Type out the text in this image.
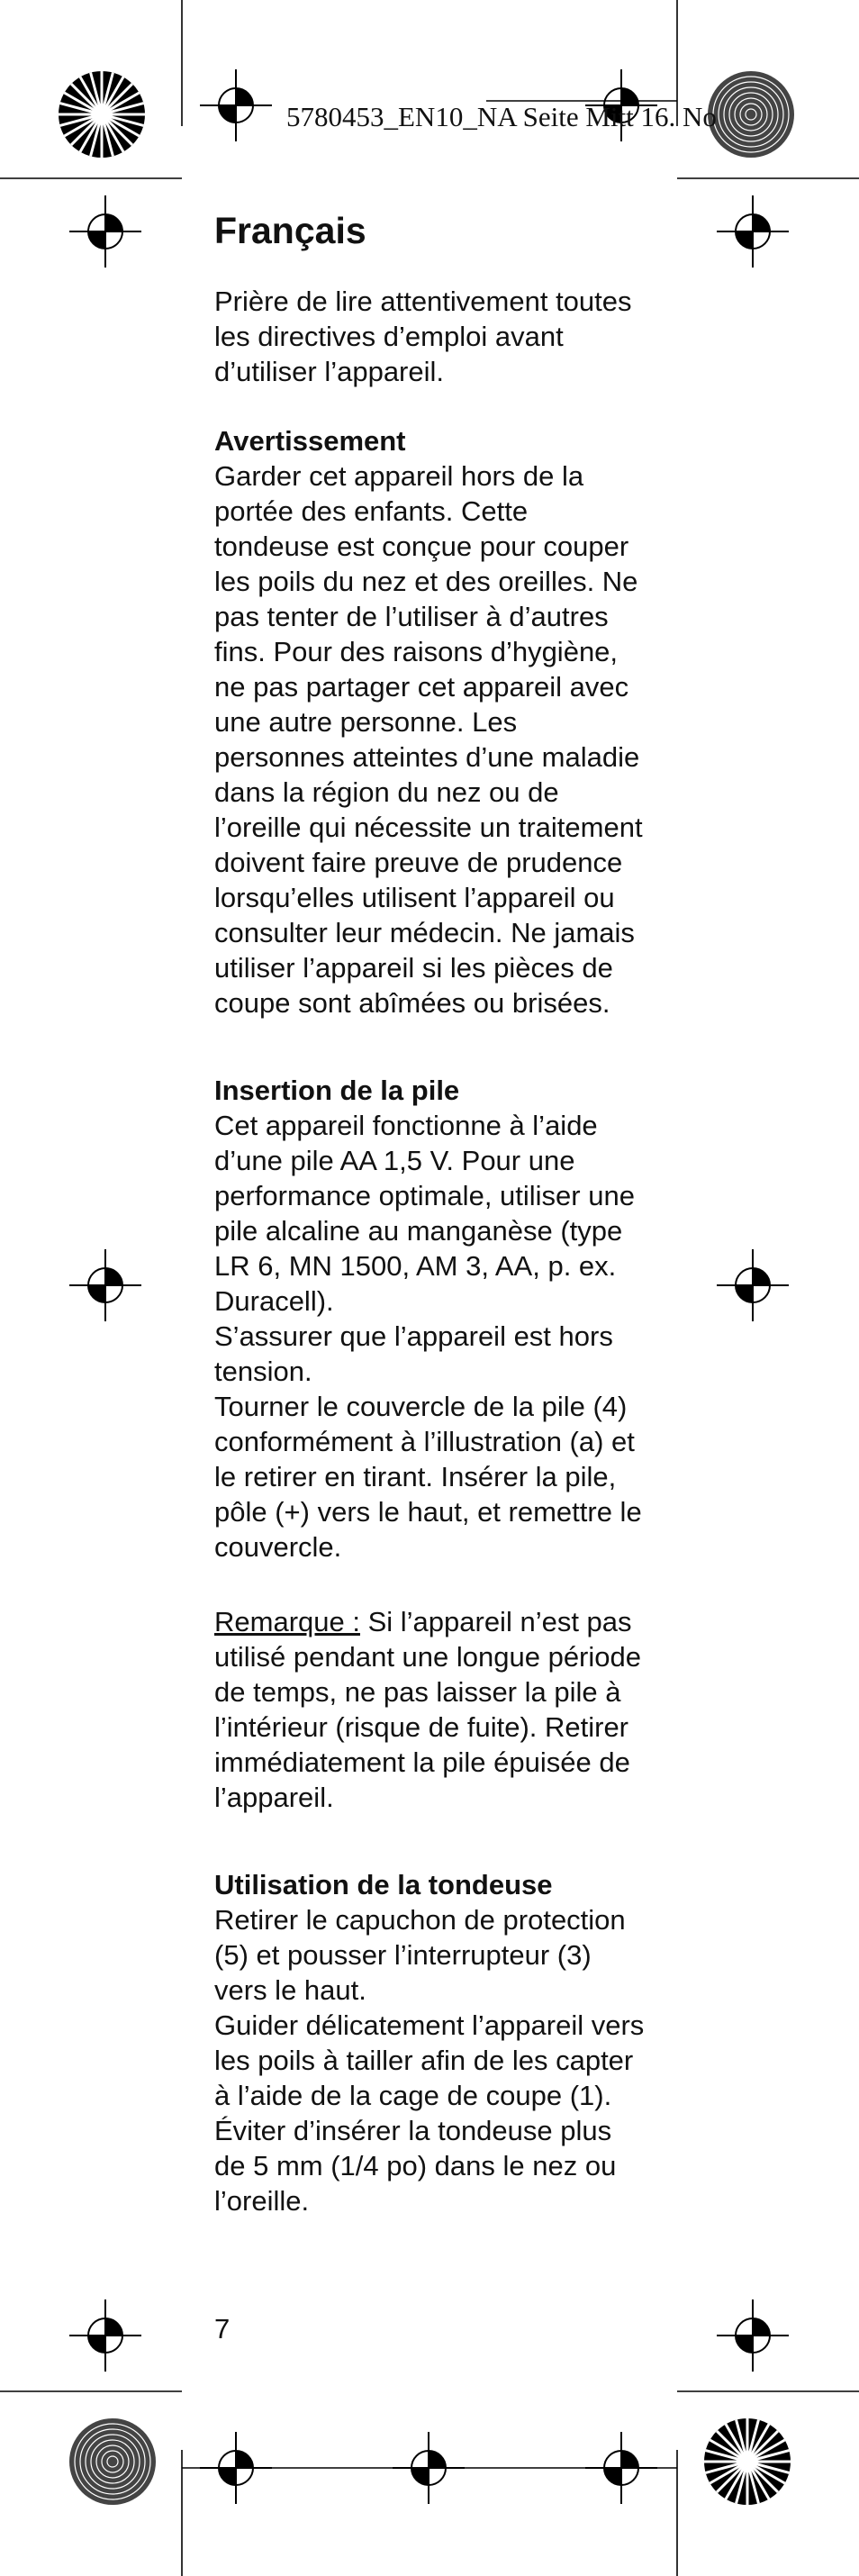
5780453_EN10_NA Seite Mitt 16. No
Français

Prière de lire attentivement toutes les directives d’emploi avant d’utiliser l’appareil.

Avertissement

Garder cet appareil hors de la portée des enfants. Cette tondeuse est conçue pour couper les poils du nez et des oreilles. Ne pas tenter de l’utiliser à d’autres fins. Pour des raisons d’hygiène, ne pas partager cet appareil avec une autre personne. Les personnes atteintes d’une maladie dans la région du nez ou de l’oreille qui nécessite un traitement doivent faire preuve de prudence lorsqu’elles utilisent l’appareil ou consulter leur médecin. Ne jamais utiliser l’appareil si les pièces de coupe sont abîmées ou brisées.

Insertion de la pile

Cet appareil fonctionne à l’aide d’une pile AA 1,5 V. Pour une performance optimale, utiliser une pile alcaline au manganèse (type LR 6, MN 1500, AM 3, AA, p. ex. Duracell).

S’assurer que l’appareil est hors tension.

Tourner le couvercle de la pile (4) conformément à l’illustration (a) et le retirer en tirant. Insérer la pile, pôle (+) vers le haut, et remettre le couvercle.

Remarque : Si l’appareil n’est pas utilisé pendant une longue période de temps, ne pas laisser la pile à l’intérieur (risque de fuite). Retirer immédiatement la pile épuisée de l’appareil.

Utilisation de la tondeuse

Retirer le capuchon de protection (5) et pousser l’interrupteur (3) vers le haut.

Guider délicatement l’appareil vers les poils à tailler afin de les capter à l’aide de la cage de coupe (1).

Éviter d’insérer la tondeuse plus de 5 mm (1/4 po) dans le nez ou l’oreille.

7
